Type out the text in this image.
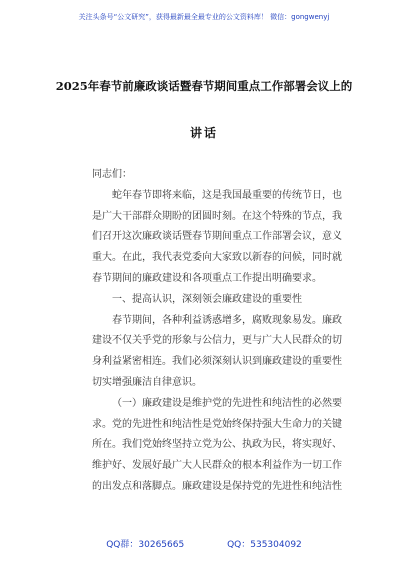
关注头条号“公文研究”，获得最新最全最专业的公文资料库！ 微信：gongwenyj
2025年春节前廉政谈话暨春节期间重点工作部署会议上的
讲话
同志们：
蛇年春节即将来临，这是我国最重要的传统节日，也
是广大干部群众期盼的团圆时刻。在这个特殊的节点，我
们召开这次廉政谈话暨春节期间重点工作部署会议，意义
重大。在此，我代表党委向大家致以新春的问候，同时就
春节期间的廉政建设和各项重点工作提出明确要求。
一、提高认识，深刻领会廉政建设的重要性
春节期间，各种利益诱惑增多，腐败现象易发。廉政
建设不仅关乎党的形象与公信力，更与广大人民群众的切
身利益紧密相连。我们必须深刻认识到廉政建设的重要性
切实增强廉洁自律意识。
（一）廉政建设是维护党的先进性和纯洁性的必然要
求。党的先进性和纯洁性是党始终保持强大生命力的关键
所在。我们党始终坚持立党为公、执政为民，将实现好、
维护好、发展好最广大人民群众的根本利益作为一切工作
的出发点和落脚点。廉政建设是保持党的先进性和纯洁性
QQ群：30265665	QQ：535304092
